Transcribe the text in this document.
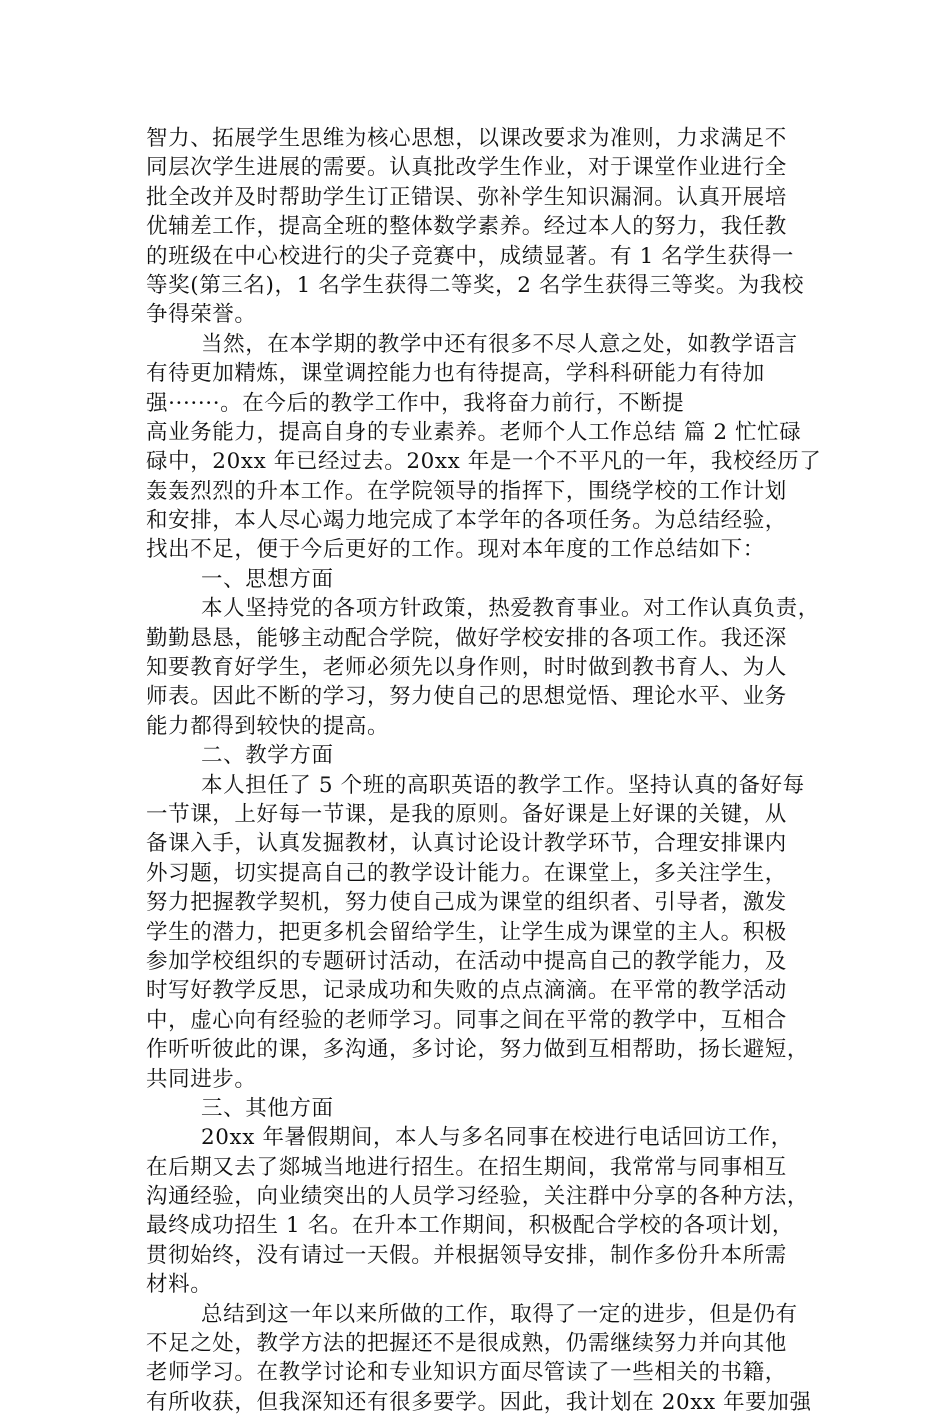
智力、拓展学生思维为核心思想，以课改要求为准则，力求满足不
同层次学生进展的需要。认真批改学生作业，对于课堂作业进行全
批全改并及时帮助学生订正错误、弥补学生知识漏洞。认真开展培
优辅差工作，提高全班的整体数学素养。经过本人的努力，我任教
的班级在中心校进行的尖子竞赛中，成绩显著。有 1 名学生获得一
等奖(第三名)，1 名学生获得二等奖，2 名学生获得三等奖。为我校
争得荣誉。
当然，在本学期的教学中还有很多不尽人意之处，如教学语言
有待更加精炼，课堂调控能力也有待提高，学科科研能力有待加
强·······。在今后的教学工作中，我将奋力前行，不断提
高业务能力，提高自身的专业素养。老师个人工作总结 篇 2 忙忙碌
碌中，20xx 年已经过去。20xx 年是一个不平凡的一年，我校经历了
轰轰烈烈的升本工作。在学院领导的指挥下，围绕学校的工作计划
和安排，本人尽心竭力地完成了本学年的各项任务。为总结经验，
找出不足，便于今后更好的工作。现对本年度的工作总结如下：
一、思想方面
本人坚持党的各项方针政策，热爱教育事业。对工作认真负责，
勤勤恳恳，能够主动配合学院，做好学校安排的各项工作。我还深
知要教育好学生，老师必须先以身作则，时时做到教书育人、为人
师表。因此不断的学习，努力使自己的思想觉悟、理论水平、业务
能力都得到较快的提高。
二、教学方面
本人担任了 5 个班的高职英语的教学工作。坚持认真的备好每
一节课，上好每一节课，是我的原则。备好课是上好课的关键，从
备课入手，认真发掘教材，认真讨论设计教学环节，合理安排课内
外习题，切实提高自己的教学设计能力。在课堂上，多关注学生，
努力把握教学契机，努力使自己成为课堂的组织者、引导者，激发
学生的潜力，把更多机会留给学生，让学生成为课堂的主人。积极
参加学校组织的专题研讨活动，在活动中提高自己的教学能力，及
时写好教学反思，记录成功和失败的点点滴滴。在平常的教学活动
中，虚心向有经验的老师学习。同事之间在平常的教学中，互相合
作听听彼此的课，多沟通，多讨论，努力做到互相帮助，扬长避短，
共同进步。
三、其他方面
20xx 年暑假期间，本人与多名同事在校进行电话回访工作，
在后期又去了郯城当地进行招生。在招生期间，我常常与同事相互
沟通经验，向业绩突出的人员学习经验，关注群中分享的各种方法，
最终成功招生 1 名。在升本工作期间，积极配合学校的各项计划，
贯彻始终，没有请过一天假。并根据领导安排，制作多份升本所需
材料。
总结到这一年以来所做的工作，取得了一定的进步，但是仍有
不足之处，教学方法的把握还不是很成熟，仍需继续努力并向其他
老师学习。在教学讨论和专业知识方面尽管读了一些相关的书籍，
有所收获，但我深知还有很多要学。因此，我计划在 20xx 年要加强
